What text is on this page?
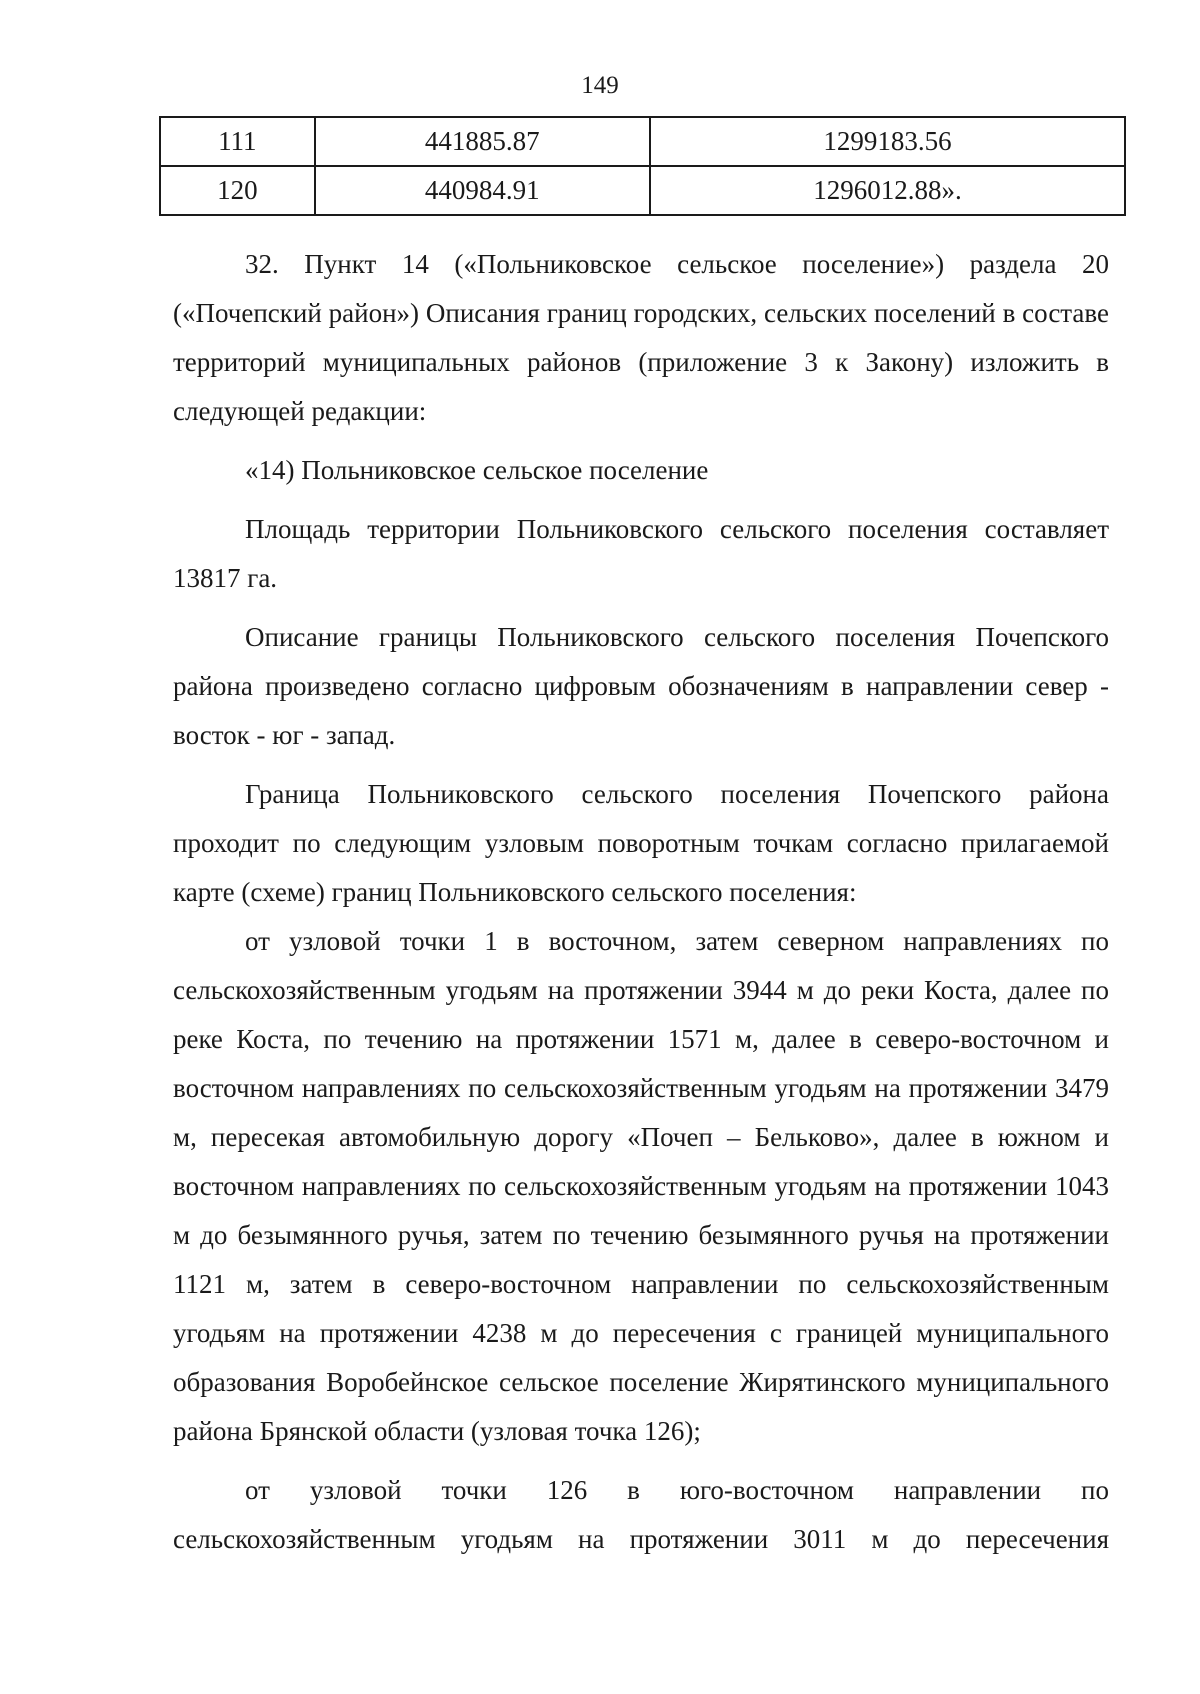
149
111	441885.87	1299183.56
120	440984.91	1296012.88».

32. Пункт 14 («Польниковское сельское поселение») раздела 20 («Почепский район») Описания границ городских, сельских поселений в составе территорий муниципальных районов (приложение 3 к Закону) изложить в следующей редакции:

«14) Польниковское сельское поселение

Площадь территории Польниковского сельского поселения составляет 13817 га.

Описание границы Польниковского сельского поселения Почепского района произведено согласно цифровым обозначениям в направлении север - восток - юг - запад.

Граница Польниковского сельского поселения Почепского района проходит по следующим узловым поворотным точкам согласно прилагаемой карте (схеме) границ Польниковского сельского поселения:

от узловой точки 1 в восточном, затем северном направлениях по сельскохозяйственным угодьям на протяжении 3944 м до реки Коста, далее по реке Коста, по течению на протяжении 1571 м, далее в северо-восточном и восточном направлениях по сельскохозяйственным угодьям на протяжении 3479 м, пересекая автомобильную дорогу «Почеп – Бельково», далее в южном и восточном направлениях по сельскохозяйственным угодьям на протяжении 1043 м до безымянного ручья, затем по течению безымянного ручья на протяжении 1121 м, затем в северо-восточном направлении по сельскохозяйственным угодьям на протяжении 4238 м до пересечения с границей муниципального образования Воробейнское сельское поселение Жирятинского муниципального района Брянской области (узловая точка 126);

от узловой точки 126 в юго-восточном направлении по сельскохозяйственным угодьям на протяжении 3011 м до пересечения
